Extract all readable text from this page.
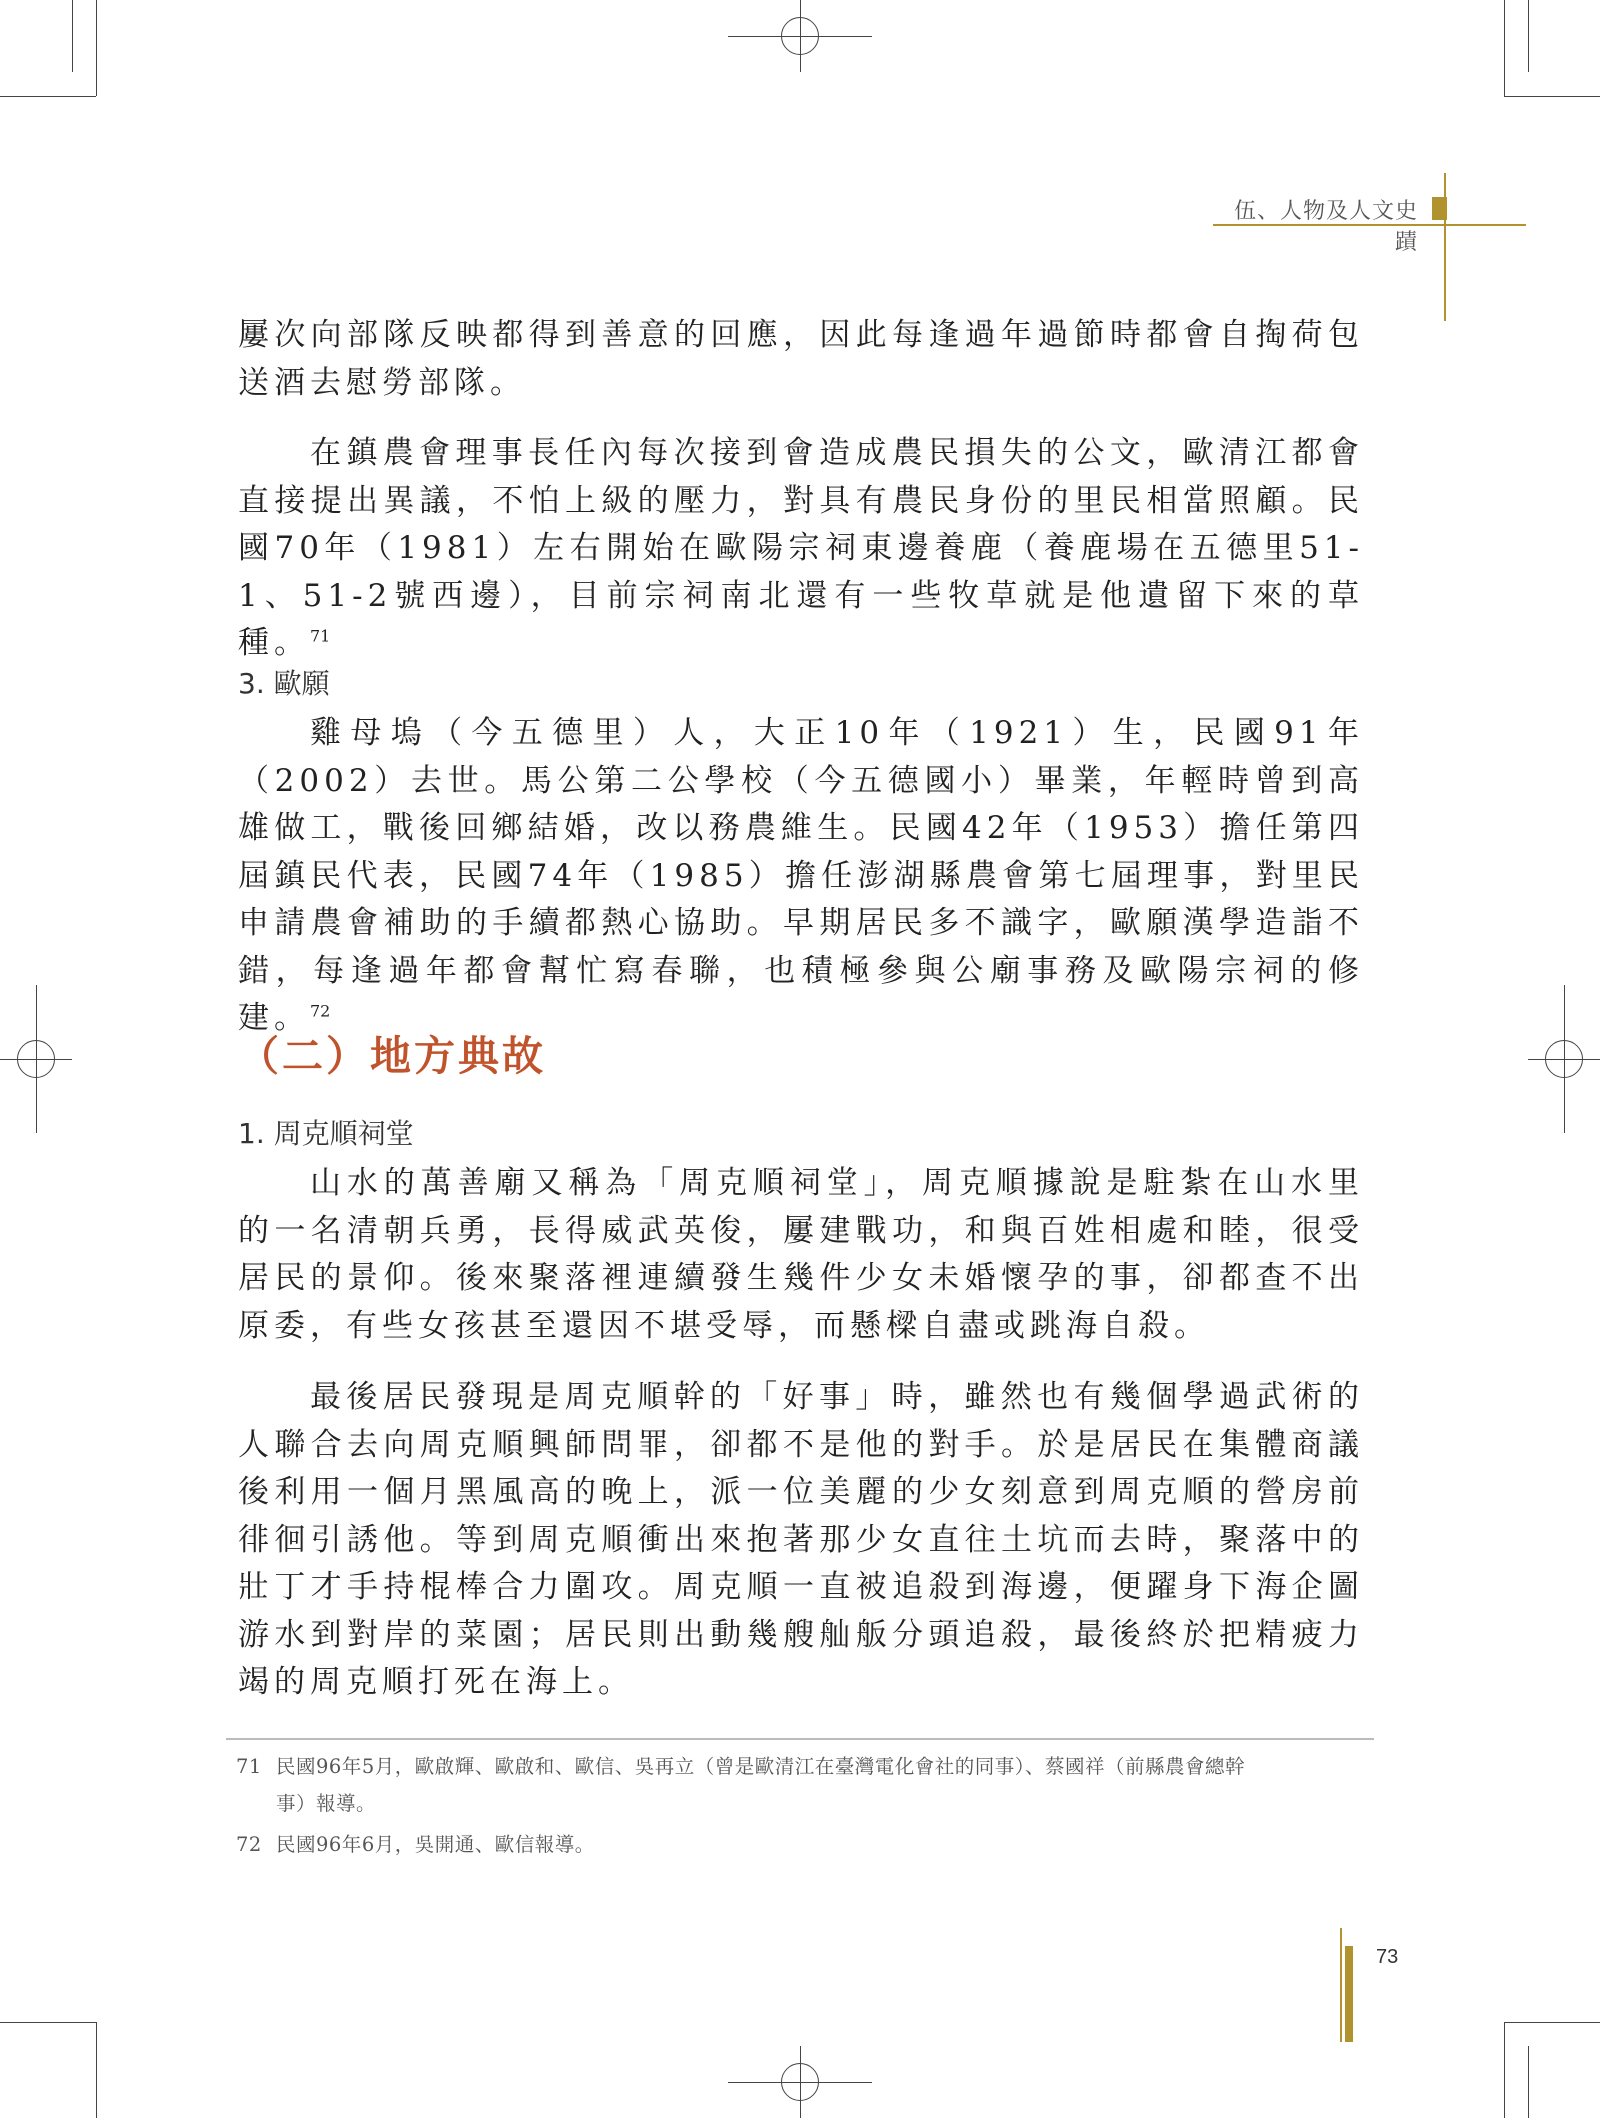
伍、人物及人文史蹟

屢次向部隊反映都得到善意的回應，因此每逢過年過節時都會自掏荷包送酒去慰勞部隊。

在鎮農會理事長任內每次接到會造成農民損失的公文，歐清江都會直接提出異議，不怕上級的壓力，對具有農民身份的里民相當照顧。民國70年（1981）左右開始在歐陽宗祠東邊養鹿（養鹿場在五德里51-1、51-2號西邊），目前宗祠南北還有一些牧草就是他遺留下來的草種。$^{71}$

3. 歐願

雞母塢（今五德里）人，大正10年（1921）生，民國91年（2002）去世。馬公第二公學校（今五德國小）畢業，年輕時曾到高雄做工，戰後回鄉結婚，改以務農維生。民國42年（1953）擔任第四屆鎮民代表，民國74年（1985）擔任澎湖縣農會第七屆理事，對里民申請農會補助的手續都熱心協助。早期居民多不識字，歐願漢學造詣不錯，每逢過年都會幫忙寫春聯，也積極參與公廟事務及歐陽宗祠的修建。$^{72}$

（二）地方典故
1. 周克順祠堂

山水的萬善廟又稱為「周克順祠堂」，周克順據說是駐紮在山水里的一名清朝兵勇，長得威武英俊，屢建戰功，和與百姓相處和睦，很受居民的景仰。後來聚落裡連續發生幾件少女未婚懷孕的事，卻都查不出原委，有些女孩甚至還因不堪受辱，而懸樑自盡或跳海自殺。

最後居民發現是周克順幹的「好事」時，雖然也有幾個學過武術的人聯合去向周克順興師問罪，卻都不是他的對手。於是居民在集體商議後利用一個月黑風高的晚上，派一位美麗的少女刻意到周克順的營房前徘徊引誘他。等到周克順衝出來抱著那少女直往土坑而去時，聚落中的壯丁才手持棍棒合力圍攻。周克順一直被追殺到海邊，便躍身下海企圖游水到對岸的菜園；居民則出動幾艘舢舨分頭追殺，最後終於把精疲力竭的周克順打死在海上。

71 民國96年5月，歐啟輝、歐啟和、歐信、吳再立（曾是歐清江在臺灣電化會社的同事）、蔡國祥（前縣農會總幹
事）報導。
72 民國96年6月，吳開通、歐信報導。
73
